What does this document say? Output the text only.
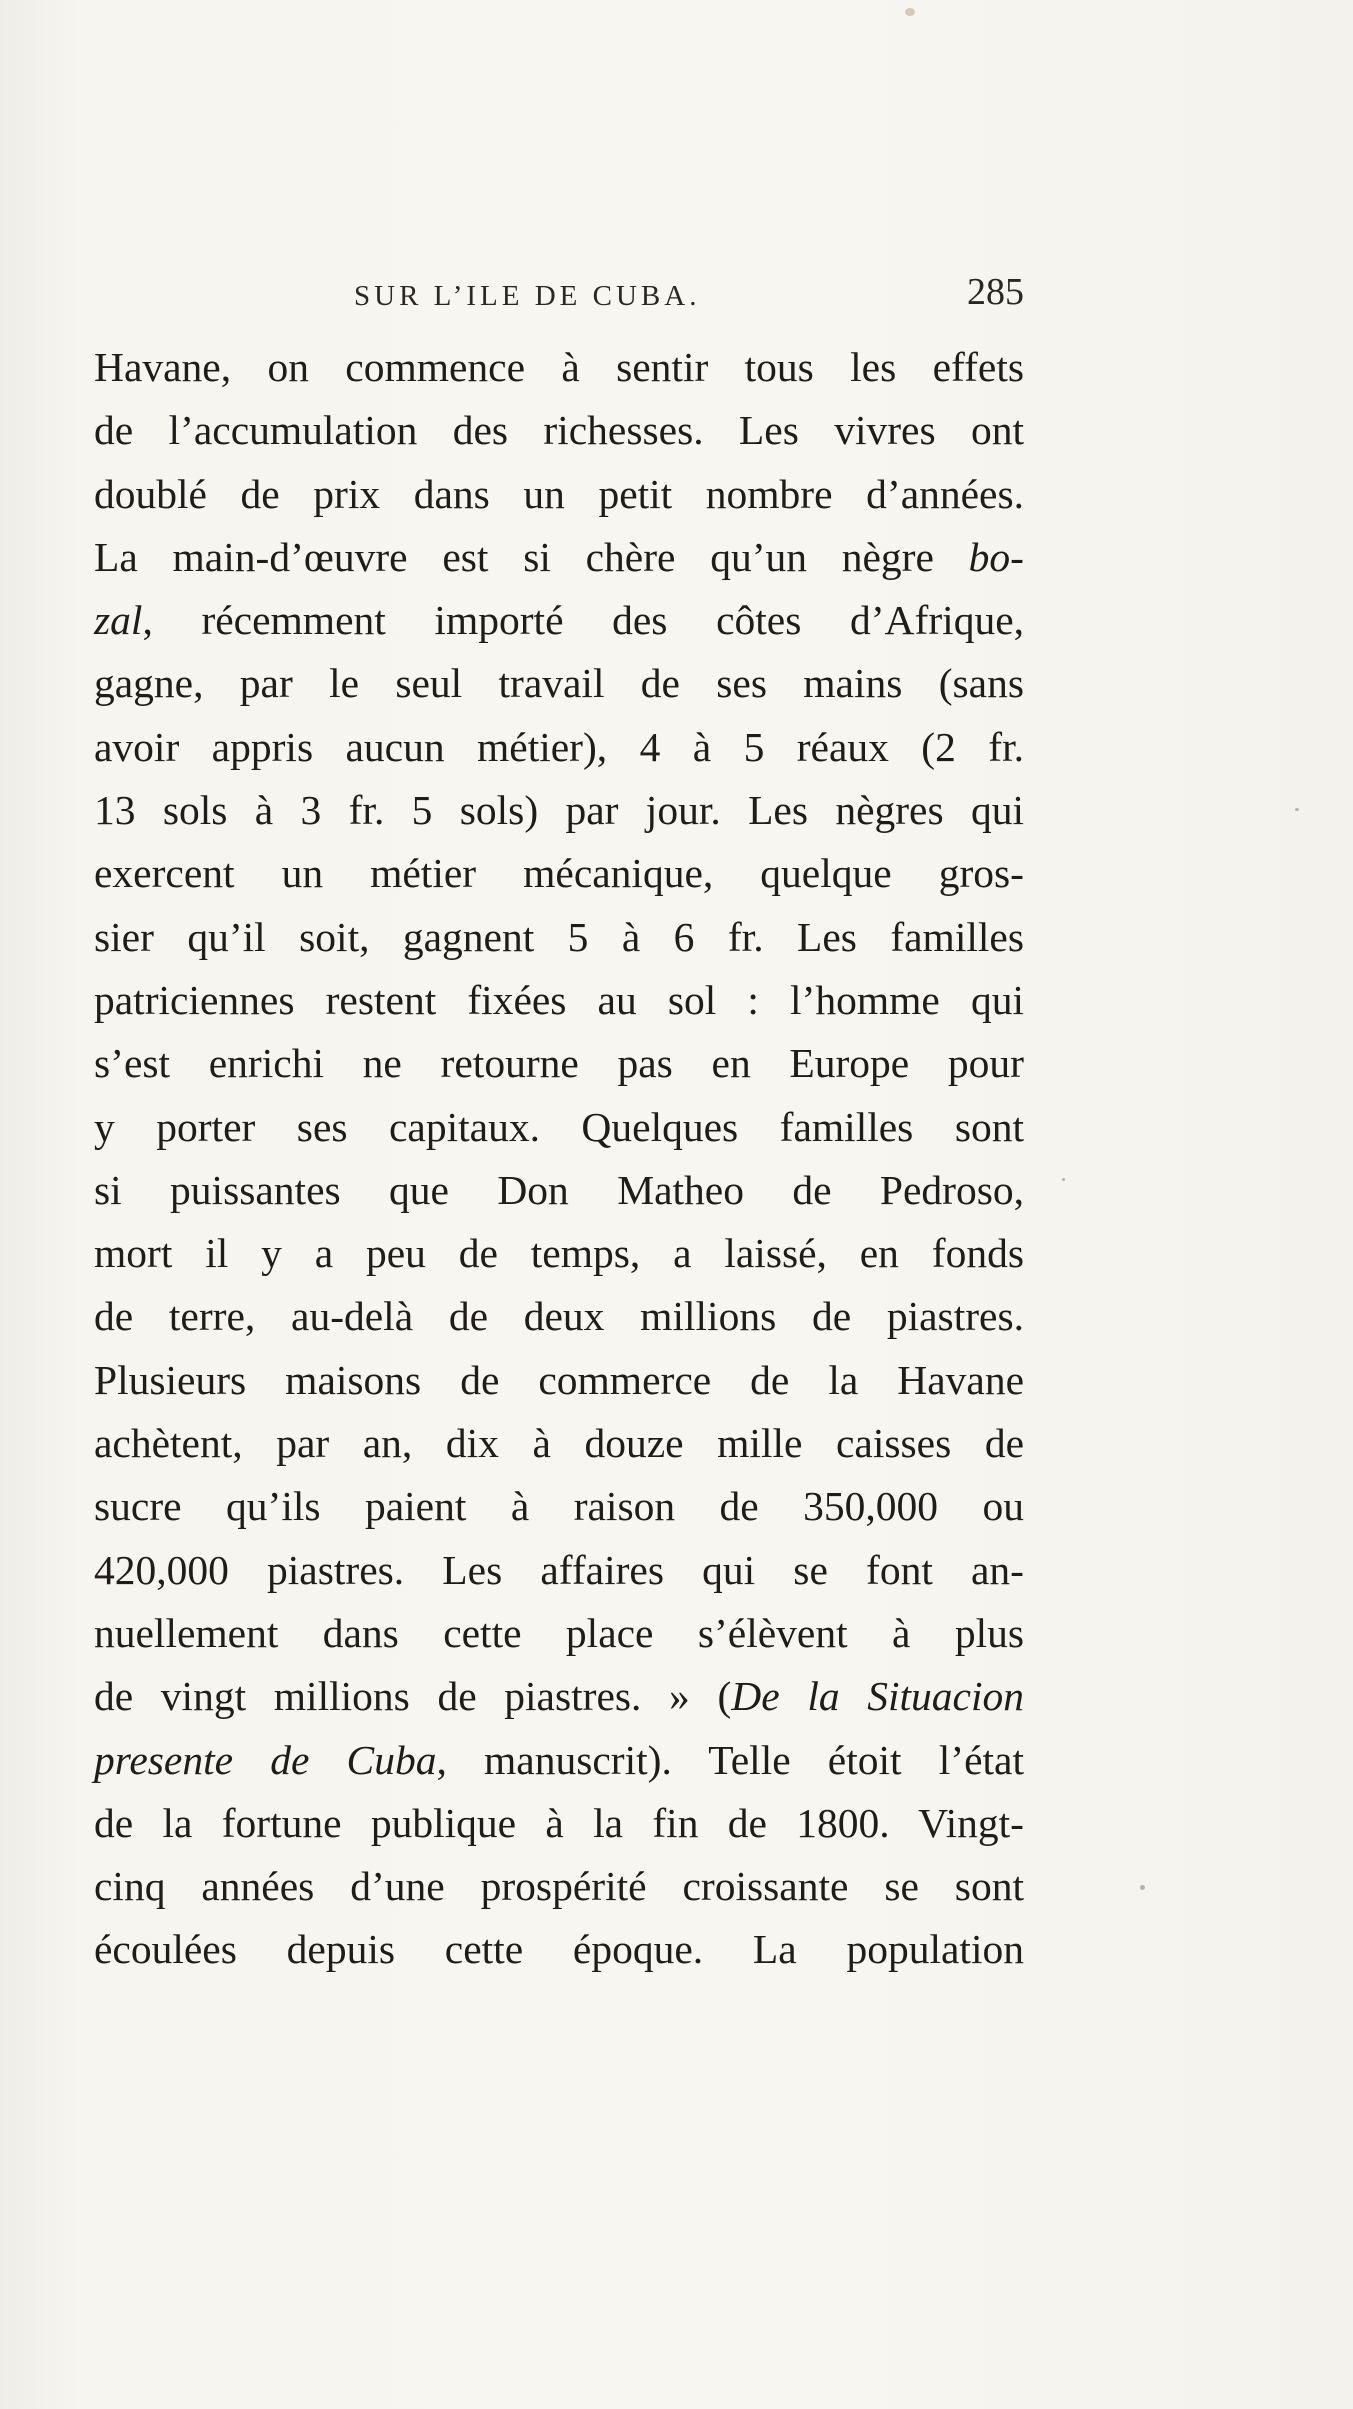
SUR L’ILE DE CUBA.	285
Havane, on commence à sentir tous les effets
de l’accumulation des richesses. Les vivres ont
doublé de prix dans un petit nombre d’années.
La main-d’œuvre est si chère qu’un nègre bo-
zal, récemment importé des côtes d’Afrique,
gagne, par le seul travail de ses mains (sans
avoir appris aucun métier), 4 à 5 réaux (2 fr.
13 sols à 3 fr. 5 sols) par jour. Les nègres qui
exercent un métier mécanique, quelque gros-
sier qu’il soit, gagnent 5 à 6 fr. Les familles
patriciennes restent fixées au sol : l’homme qui
s’est enrichi ne retourne pas en Europe pour
y porter ses capitaux. Quelques familles sont
si puissantes que Don Matheo de Pedroso,
mort il y a peu de temps, a laissé, en fonds
de terre, au-delà de deux millions de piastres.
Plusieurs maisons de commerce de la Havane
achètent, par an, dix à douze mille caisses de
sucre qu’ils paient à raison de 350,000 ou
420,000 piastres. Les affaires qui se font an-
nuellement dans cette place s’élèvent à plus
de vingt millions de piastres. » (De la Situacion
presente de Cuba, manuscrit). Telle étoit l’état
de la fortune publique à la fin de 1800. Vingt-
cinq années d’une prospérité croissante se sont
écoulées depuis cette époque. La population
